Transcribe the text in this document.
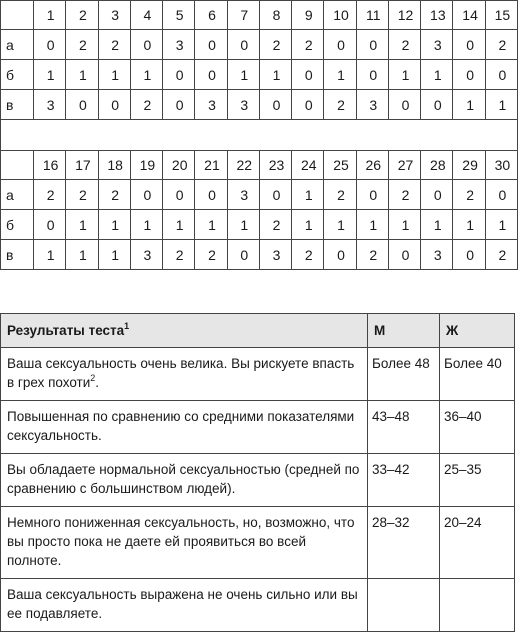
	1	2	3	4	5	6	7	8	9	10	11	12	13	14	15
а	0	2	2	0	3	0	0	2	2	0	0	2	3	0	2
б	1	1	1	1	0	0	1	1	0	1	0	1	1	0	0
в	3	0	0	2	0	3	3	0	0	2	3	0	0	1	1

	16	17	18	19	20	21	22	23	24	25	26	27	28	29	30
а	2	2	2	0	0	0	3	0	1	2	0	2	0	2	0
б	0	1	1	1	1	1	1	2	1	1	1	1	1	1	1
в	1	1	1	3	2	2	0	3	2	0	2	0	3	0	2
Результаты теста$^1$	М	Ж
Ваша сексуальность очень велика. Вы рискуете впасть в грех похоти$^2$.	Более 48	Более 40
Повышенная по сравнению со средними показателями сексуальность.	43–48	36–40
Вы обладаете нормальной сексуальностью (средней по сравнению с большинством людей).	33–42	25–35
Немного пониженная сексуальность, но, возможно, что вы просто пока не даете ей проявиться во всей полноте.	28–32	20–24
Ваша сексуальность выражена не очень сильно или вы ее подавляете.		
